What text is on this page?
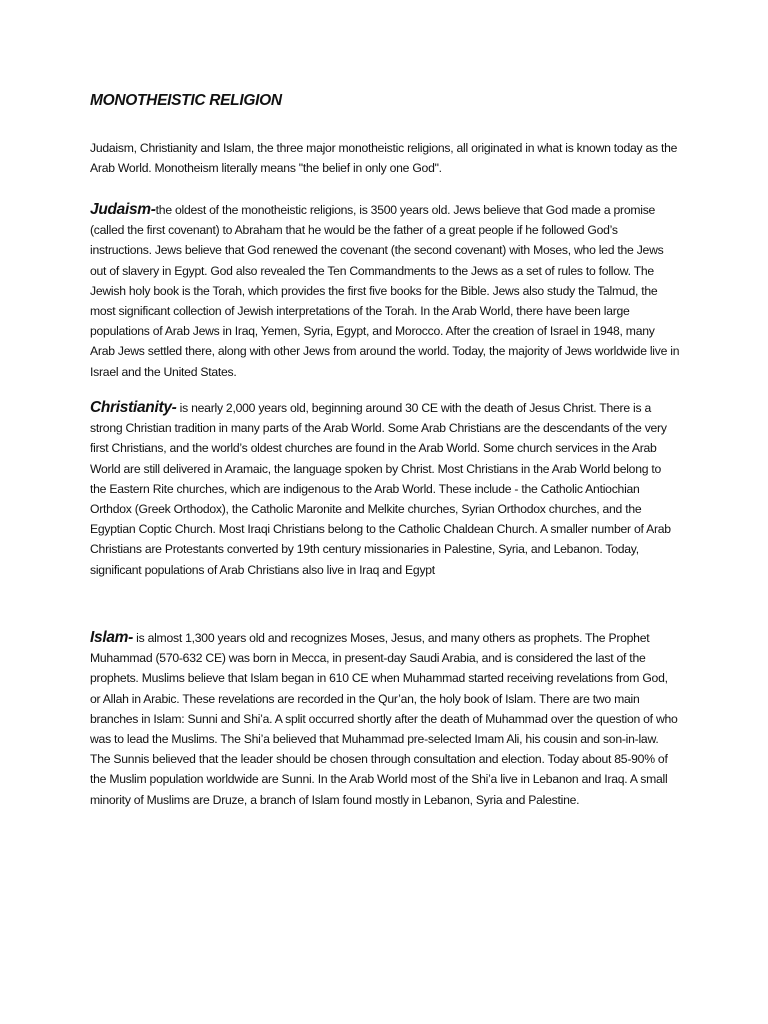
MONOTHEISTIC RELIGION

Judaism, Christianity and Islam, the three major monotheistic religions, all originated in what is known today as the Arab World. Monotheism literally means "the belief in only one God".

Judaism-the oldest of the monotheistic religions, is 3500 years old. Jews believe that God made a promise (called the first covenant) to Abraham that he would be the father of a great people if he followed God’s instructions. Jews believe that God renewed the covenant (the second covenant) with Moses, who led the Jews out of slavery in Egypt. God also revealed the Ten Commandments to the Jews as a set of rules to follow. The Jewish holy book is the Torah, which provides the first five books for the Bible. Jews also study the Talmud, the most significant collection of Jewish interpretations of the Torah. In the Arab World, there have been large populations of Arab Jews in Iraq, Yemen, Syria, Egypt, and Morocco. After the creation of Israel in 1948, many Arab Jews settled there, along with other Jews from around the world. Today, the majority of Jews worldwide live in Israel and the United States.

Christianity- is nearly 2,000 years old, beginning around 30 CE with the death of Jesus Christ. There is a strong Christian tradition in many parts of the Arab World. Some Arab Christians are the descendants of the very first Christians, and the world’s oldest churches are found in the Arab World. Some church services in the Arab World are still delivered in Aramaic, the language spoken by Christ. Most Christians in the Arab World belong to the Eastern Rite churches, which are indigenous to the Arab World. These include - the Catholic Antiochian Orthdox (Greek Orthodox), the Catholic Maronite and Melkite churches, Syrian Orthodox churches, and the Egyptian Coptic Church. Most Iraqi Christians belong to the Catholic Chaldean Church. A smaller number of Arab Christians are Protestants converted by 19th century missionaries in Palestine, Syria, and Lebanon. Today, significant populations of Arab Christians also live in Iraq and Egypt

Islam- is almost 1,300 years old and recognizes Moses, Jesus, and many others as prophets. The Prophet Muhammad (570-632 CE) was born in Mecca, in present-day Saudi Arabia, and is considered the last of the prophets. Muslims believe that Islam began in 610 CE when Muhammad started receiving revelations from God, or Allah in Arabic. These revelations are recorded in the Qur’an, the holy book of Islam. There are two main branches in Islam: Sunni and Shi’a. A split occurred shortly after the death of Muhammad over the question of who was to lead the Muslims. The Shi’a believed that Muhammad pre-selected Imam Ali, his cousin and son-in-law. The Sunnis believed that the leader should be chosen through consultation and election. Today about 85-90% of the Muslim population worldwide are Sunni. In the Arab World most of the Shi’a live in Lebanon and Iraq. A small minority of Muslims are Druze, a branch of Islam found mostly in Lebanon, Syria and Palestine.
